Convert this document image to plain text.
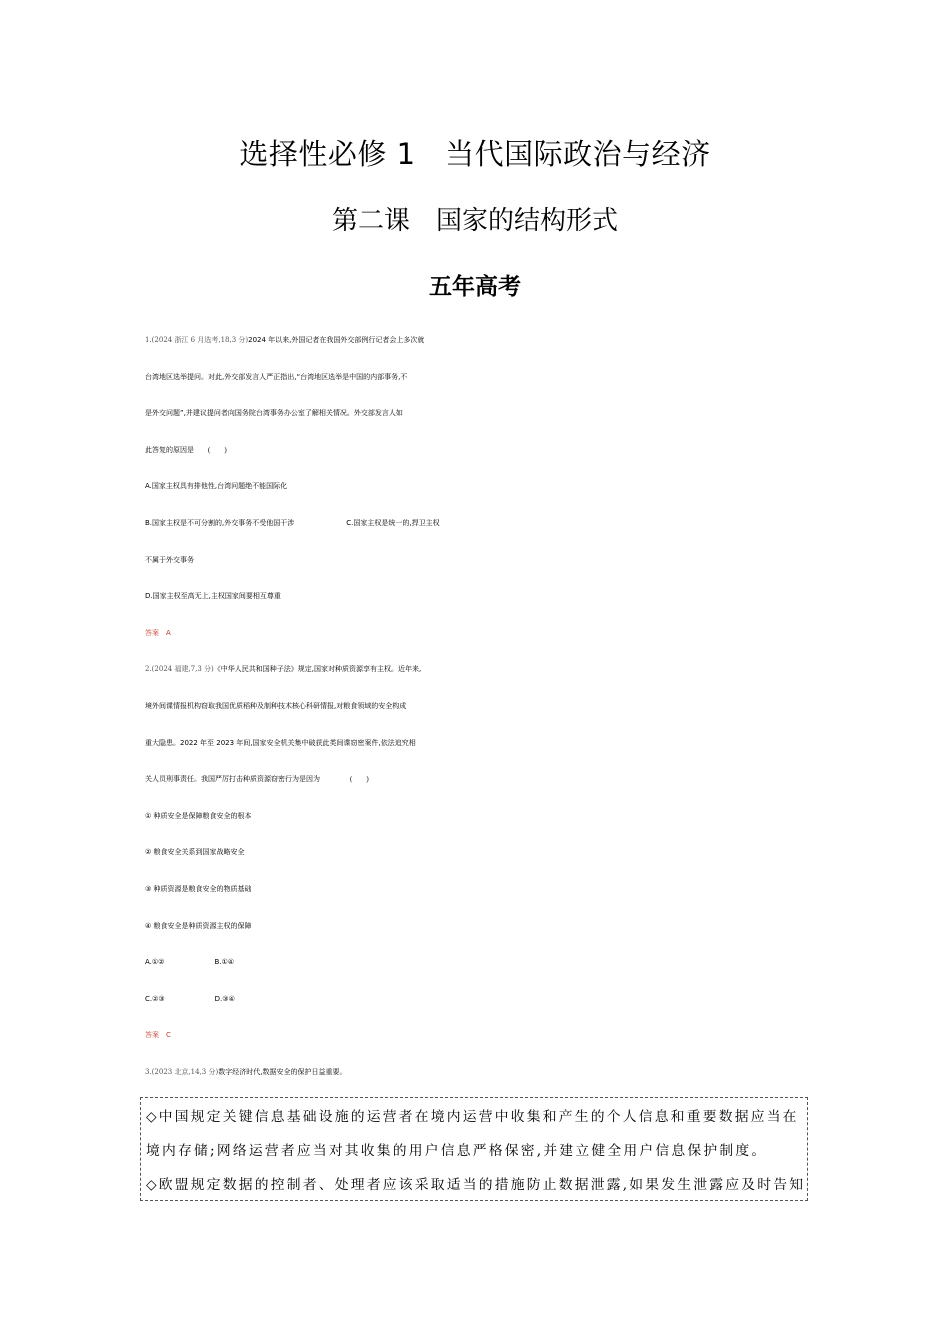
选择性必修 1　当代国际政治与经济
第二课　国家的结构形式
五年高考
1.(2024 浙江 6 月选考,18,3 分)2024 年以来,外国记者在我国外交部例行记者会上多次就
台湾地区选举提问。对此,外交部发言人严正指出,“台湾地区选举是中国的内部事务,不
是外交问题”,并建议提问者向国务院台湾事务办公室了解相关情况。外交部发言人如
此答复的原因是 (　　)
A.国家主权具有排他性,台湾问题绝不能国际化
B.国家主权是不可分割的,外交事务不受他国干涉	C.国家主权是统一的,捍卫主权
不属于外交事务
D.国家主权至高无上,主权国家间要相互尊重
答案　A
2.(2024 福建,7,3 分)《中华人民共和国种子法》规定,国家对种质资源享有主权。近年来,
境外间谍情报机构窃取我国优质稻种及制种技术核心科研情报,对粮食领域的安全构成
重大隐患。2022 年至 2023 年间,国家安全机关集中破获此类间谍窃密案件,依法追究相
关人员刑事责任。我国严厉打击种质资源窃密行为是因为	(　　)
① 种质安全是保障粮食安全的根本
② 粮食安全关系到国家战略安全
③ 种质资源是粮食安全的物质基础
④ 粮食安全是种质资源主权的保障
A.①②	B.①④
C.②③	D.③④
答案　C
3.(2023 北京,14,3 分)数字经济时代,数据安全的保护日益重要。
◇中国规定关键信息基础设施的运营者在境内运营中收集和产生的个人信息和重要数据应当在
境内存储;网络运营者应当对其收集的用户信息严格保密,并建立健全用户信息保护制度。
◇欧盟规定数据的控制者、处理者应该采取适当的措施防止数据泄露,如果发生泄露应及时告知
